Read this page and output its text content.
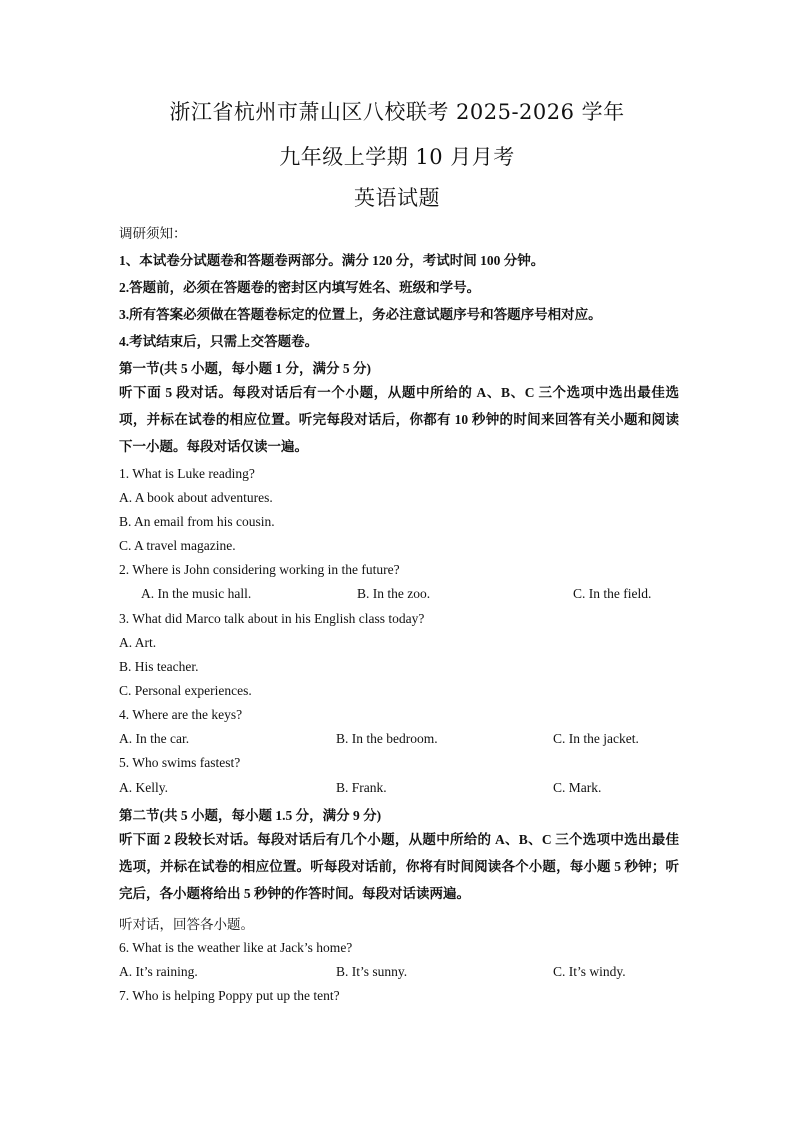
浙江省杭州市萧山区八校联考 2025-2026 学年
九年级上学期 10 月月考
英语试题
调研须知：
1、本试卷分试题卷和答题卷两部分。满分 120 分，考试时间 100 分钟。
2.答题前，必须在答题卷的密封区内填写姓名、班级和学号。
3.所有答案必须做在答题卷标定的位置上，务必注意试题序号和答题序号相对应。
4.考试结束后，只需上交答题卷。
第一节(共 5 小题，每小题 1 分，满分 5 分)
听下面 5 段对话。每段对话后有一个小题，从题中所给的 A、B、C 三个选项中选出最佳选项，并标在试卷的相应位置。听完每段对话后，你都有 10 秒钟的时间来回答有关小题和阅读下一小题。每段对话仅读一遍。
1. What is Luke reading?
A. A book about adventures.
B. An email from his cousin.
C. A travel magazine.
2. Where is John considering working in the future?
A. In the music hall.	B. In the zoo.	C. In the field.
3. What did Marco talk about in his English class today?
A. Art.
B. His teacher.
C. Personal experiences.
4. Where are the keys?
A. In the car.	B. In the bedroom.	C. In the jacket.
5. Who swims fastest?
A. Kelly.	B. Frank.	C. Mark.
第二节(共 5 小题，每小题 1.5 分，满分 9 分)
听下面 2 段较长对话。每段对话后有几个小题，从题中所给的 A、B、C 三个选项中选出最佳选项，并标在试卷的相应位置。听每段对话前，你将有时间阅读各个小题，每小题 5 秒钟；听完后，各小题将给出 5 秒钟的作答时间。每段对话读两遍。
听对话，回答各小题。
6. What is the weather like at Jack’s home?
A. It’s raining.	B. It’s sunny.	C. It’s windy.
7. Who is helping Poppy put up the tent?
